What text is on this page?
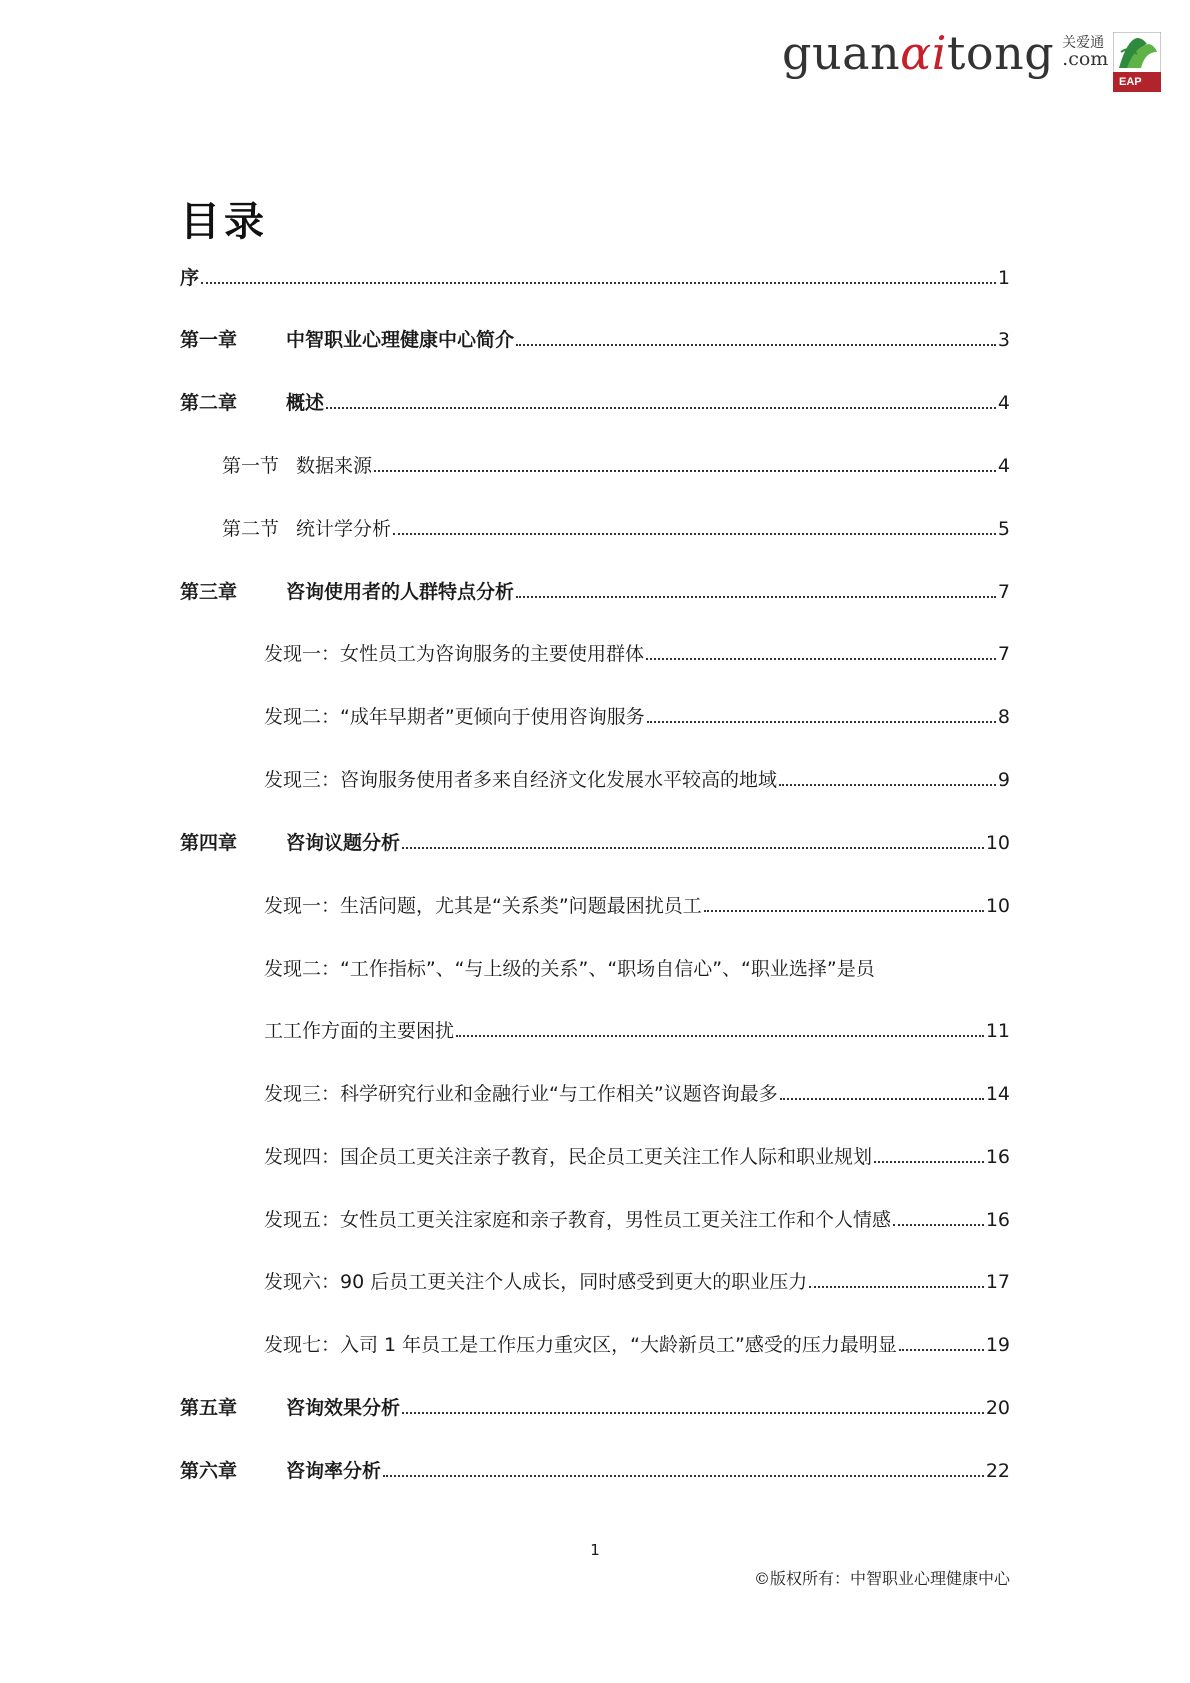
guanαitong 关爱通
.com
EAP
目录
序	1
第一章	中智职业心理健康中心简介	3
第二章	概述	4
第一节 数据来源	4
第二节 统计学分析	5
第三章	咨询使用者的人群特点分析	7
发现一：女性员工为咨询服务的主要使用群体	7
发现二：“成年早期者”更倾向于使用咨询服务	8
发现三：咨询服务使用者多来自经济文化发展水平较高的地域	9
第四章	咨询议题分析	10
发现一：生活问题，尤其是“关系类”问题最困扰员工	10
发现二：“工作指标”、“与上级的关系”、“职场自信心”、“职业选择”是员
工工作方面的主要困扰	11
发现三：科学研究行业和金融行业“与工作相关”议题咨询最多	14
发现四：国企员工更关注亲子教育，民企员工更关注工作人际和职业规划	16
发现五：女性员工更关注家庭和亲子教育，男性员工更关注工作和个人情感	16
发现六：90 后员工更关注个人成长，同时感受到更大的职业压力	17
发现七：入司 1 年员工是工作压力重灾区，“大龄新员工”感受的压力最明显	19
第五章	咨询效果分析	20
第六章	咨询率分析	22
1
©版权所有：中智职业心理健康中心
